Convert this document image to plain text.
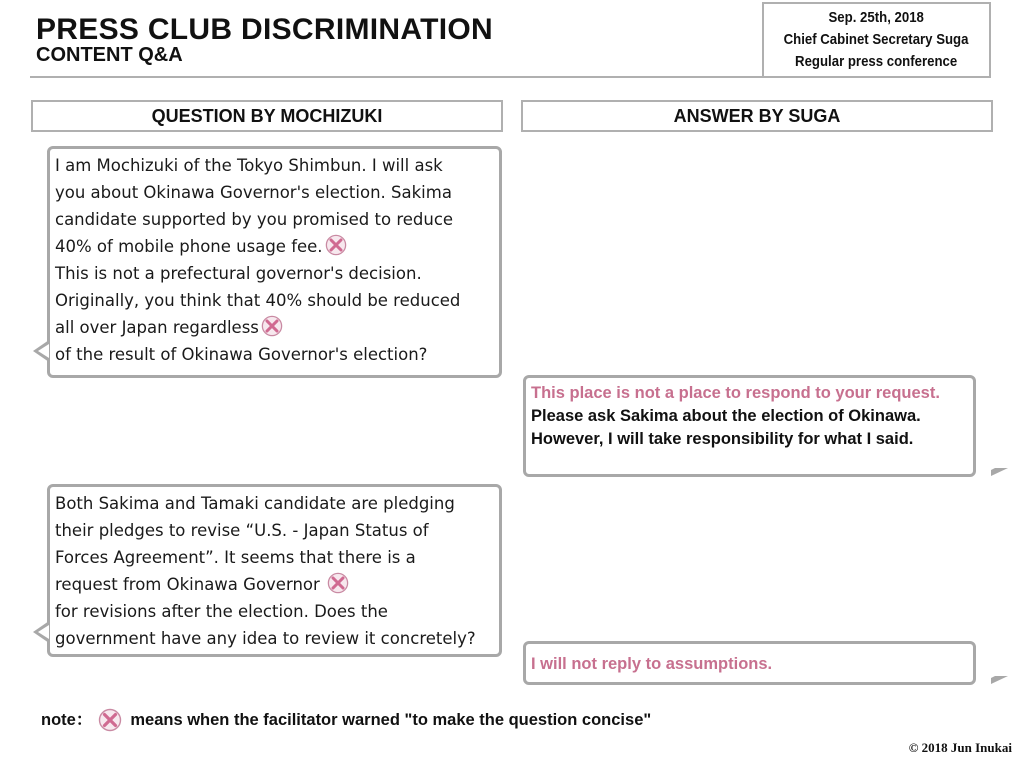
PRESS CLUB DISCRIMINATION
CONTENT Q&A
Sep. 25th, 2018
Chief Cabinet Secretary Suga
Regular press conference
QUESTION BY MOCHIZUKI	ANSWER BY SUGA
I am Mochizuki of the Tokyo Shimbun. I will ask
you about Okinawa Governor's election. Sakima
candidate supported by you promised to reduce
40% of mobile phone usage fee.
This is not a prefectural governor's decision.
Originally, you think that 40% should be reduced
all over Japan regardless
of the result of Okinawa Governor's election?
This place is not a place to respond to your request. Please ask Sakima about the election of Okinawa. However, I will take responsibility for what I said.
Both Sakima and Tamaki candidate are pledging
their pledges to revise “U.S. - Japan Status of
Forces Agreement”. It seems that there is a
request from Okinawa Governor
for revisions after the election. Does the
government have any idea to review it concretely?
I will not reply to assumptions.
note： means when the facilitator warned "to make the question concise"
© 2018 Jun Inukai
